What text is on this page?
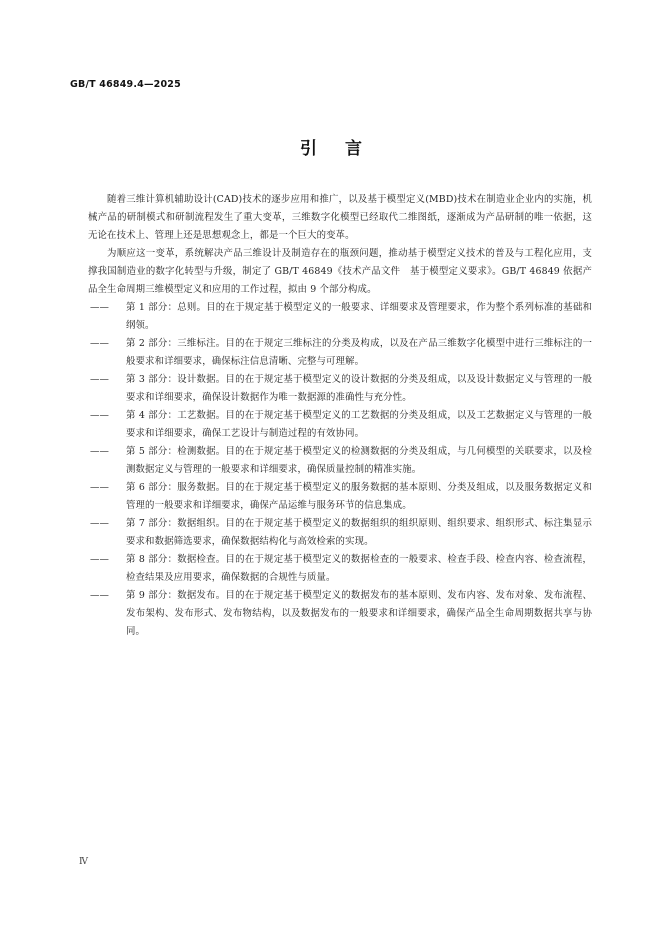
GB/T 46849.4—2025
引言

随着三维计算机辅助设计(CAD)技术的逐步应用和推广，以及基于模型定义(MBD)技术在制造业企业内的实施，机械产品的研制模式和研制流程发生了重大变革，三维数字化模型已经取代二维图纸，逐渐成为产品研制的唯一依据，这无论在技术上、管理上还是思想观念上，都是一个巨大的变革。

为顺应这一变革，系统解决产品三维设计及制造存在的瓶颈问题，推动基于模型定义技术的普及与工程化应用，支撑我国制造业的数字化转型与升级，制定了 GB/T 46849《技术产品文件　基于模型定义要求》。GB/T 46849 依据产品全生命周期三维模型定义和应用的工作过程，拟由 9 个部分构成。

——	第 1 部分：总则。目的在于规定基于模型定义的一般要求、详细要求及管理要求，作为整个系列标准的基础和纲领。
——	第 2 部分：三维标注。目的在于规定三维标注的分类及构成，以及在产品三维数字化模型中进行三维标注的一般要求和详细要求，确保标注信息清晰、完整与可理解。
——	第 3 部分：设计数据。目的在于规定基于模型定义的设计数据的分类及组成，以及设计数据定义与管理的一般要求和详细要求，确保设计数据作为唯一数据源的准确性与充分性。
——	第 4 部分：工艺数据。目的在于规定基于模型定义的工艺数据的分类及组成，以及工艺数据定义与管理的一般要求和详细要求，确保工艺设计与制造过程的有效协同。
——	第 5 部分：检测数据。目的在于规定基于模型定义的检测数据的分类及组成，与几何模型的关联要求，以及检测数据定义与管理的一般要求和详细要求，确保质量控制的精准实施。
——	第 6 部分：服务数据。目的在于规定基于模型定义的服务数据的基本原则、分类及组成，以及服务数据定义和管理的一般要求和详细要求，确保产品运维与服务环节的信息集成。
——	第 7 部分：数据组织。目的在于规定基于模型定义的数据组织的组织原则、组织要求、组织形式、标注集显示要求和数据筛选要求，确保数据结构化与高效检索的实现。
——	第 8 部分：数据检查。目的在于规定基于模型定义的数据检查的一般要求、检查手段、检查内容、检查流程，检查结果及应用要求，确保数据的合规性与质量。
——	第 9 部分：数据发布。目的在于规定基于模型定义的数据发布的基本原则、发布内容、发布对象、发布流程、发布架构、发布形式、发布物结构，以及数据发布的一般要求和详细要求，确保产品全生命周期数据共享与协同。
Ⅳ
